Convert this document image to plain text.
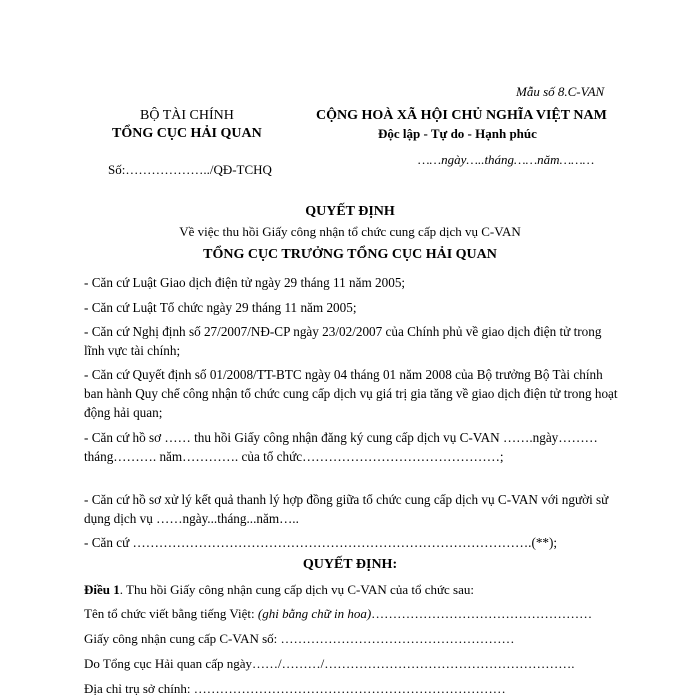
Mẫu số 8.C-VAN
BỘ TÀI CHÍNH
TỔNG CỤC HẢI QUAN
Số:………………../QĐ-TCHQ
CỘNG HOÀ XÃ HỘI CHỦ NGHĨA VIỆT NAM
Độc lập - Tự do - Hạnh phúc
……ngày…..tháng……năm………
QUYẾT ĐỊNH
Về việc thu hồi Giấy công nhận tổ chức cung cấp dịch vụ C-VAN
TỔNG CỤC TRƯỞNG TỔNG CỤC HẢI QUAN
- Căn cứ Luật Giao dịch điện tử ngày 29 tháng 11 năm 2005;
- Căn cứ Luật Tổ chức ngày 29 tháng 11 năm 2005;
- Căn cứ Nghị định số 27/2007/NĐ-CP ngày 23/02/2007 của Chính phủ về giao dịch điện tử trong lĩnh vực tài chính;
- Căn cứ Quyết định số 01/2008/TT-BTC ngày 04 tháng 01 năm 2008 của Bộ trưởng Bộ Tài chính ban hành Quy chế công nhận tổ chức cung cấp dịch vụ giá trị gia tăng về giao dịch điện tử trong hoạt động hải quan;
- Căn cứ hồ sơ …… thu hồi Giấy công nhận đăng ký cung cấp dịch vụ C-VAN …….ngày……… tháng………. năm…………. của tổ chức………………………………………;
- Căn cứ hồ sơ xử lý kết quả thanh lý hợp đồng giữa tổ chức cung cấp dịch vụ C-VAN với người sử dụng dịch vụ ……ngày...tháng...năm…..
- Căn cứ ……………………………………………………………………………….(**);
QUYẾT ĐỊNH:
Điều 1. Thu hồi Giấy công nhận cung cấp dịch vụ C-VAN của tổ chức sau:
Tên tổ chức viết bằng tiếng Việt: (ghi bằng chữ in hoa)……………………………………………
Giấy công nhận cung cấp C-VAN số: ………………………………………………
Do Tổng cục Hải quan cấp ngày……/………/………………………………………………….
Địa chỉ trụ sở chính: ………………………………………………………………
